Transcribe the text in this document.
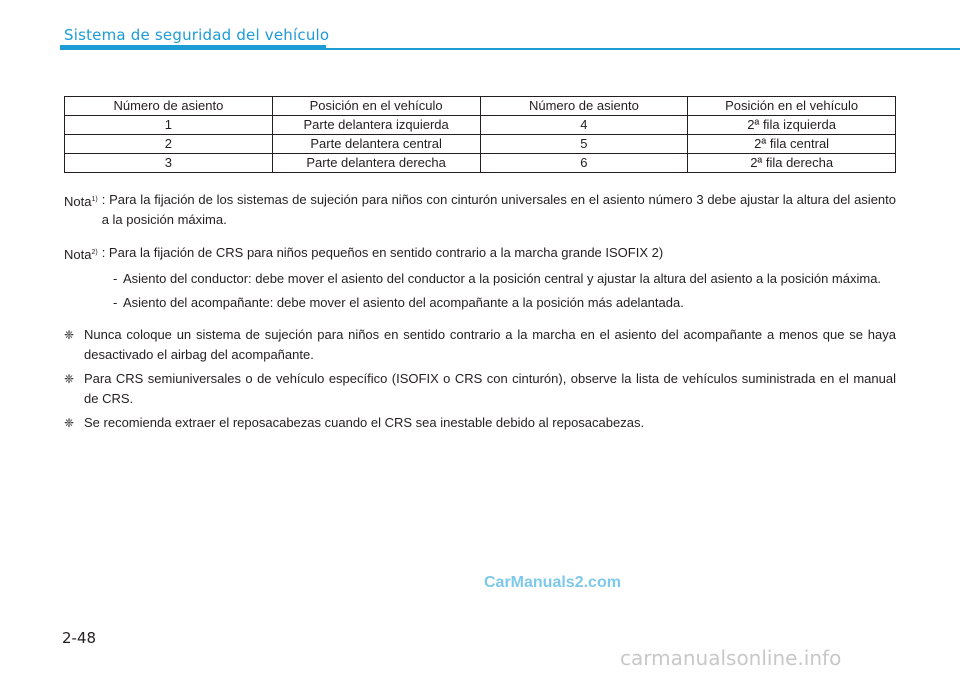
Sistema de seguridad del vehículo
Número de asiento	Posición en el vehículo	Número de asiento	Posición en el vehículo
1	Parte delantera izquierda	4	2ª fila izquierda
2	Parte delantera central	5	2ª fila central
3	Parte delantera derecha	6	2ª fila derecha
Nota$^{1)}$ : Para la fijación de los sistemas de sujeción para niños con cinturón universales en el asiento número 3 debe ajustar la altura del asiento a la posición máxima.
Nota$^{2)}$ : Para la fijación de CRS para niños pequeños en sentido contrario a la marcha grande ISOFIX 2)
- Asiento del conductor: debe mover el asiento del conductor a la posición central y ajustar la altura del asiento a la posición máxima.
- Asiento del acompañante: debe mover el asiento del acompañante a la posición más adelantada.
❈ Nunca coloque un sistema de sujeción para niños en sentido contrario a la marcha en el asiento del acompañante a menos que se haya desactivado el airbag del acompañante.
❈ Para CRS semiuniversales o de vehículo específico (ISOFIX o CRS con cinturón), observe la lista de vehículos suministrada en el manual de CRS.
❈ Se recomienda extraer el reposacabezas cuando el CRS sea inestable debido al reposacabezas.
CarManuals2.com
2-48
carmanualsonline.info
